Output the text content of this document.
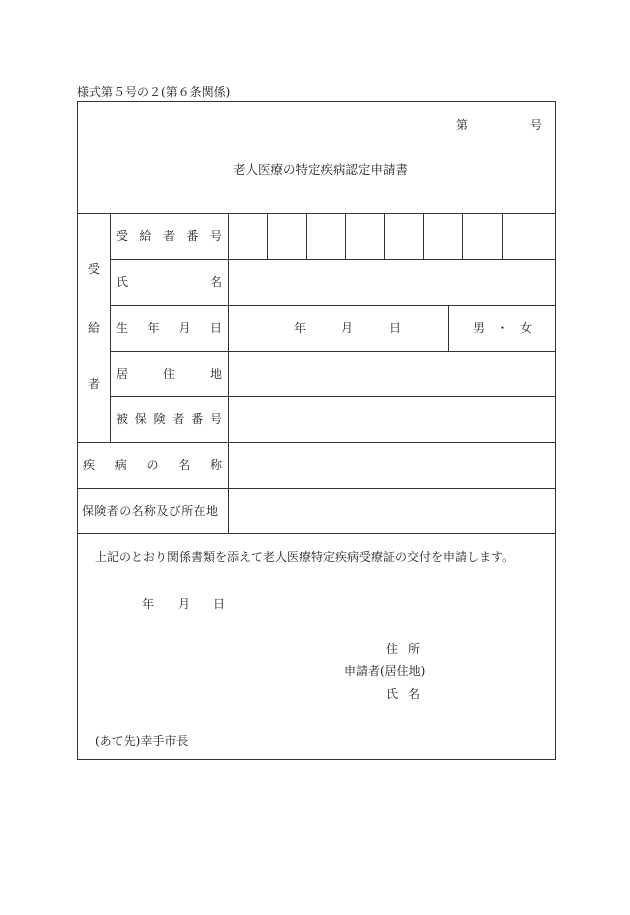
様式第５号の２(第６条関係)
第	号
老人医療の特定疾病認定申請書
受
給
者
受 給 者 番 号
氏	名
生 年 月 日	年	月	日	男 ・ 女
居	住	地
被 保 険 者 番 号
疾 病 の 名 称
保険者の名称及び所在地
上記のとおり関係書類を添えて老人医療特定疾病受療証の交付を申請します。
年 月 日
住 所
申請者(居住地)
氏 名
(あて先)幸手市長
